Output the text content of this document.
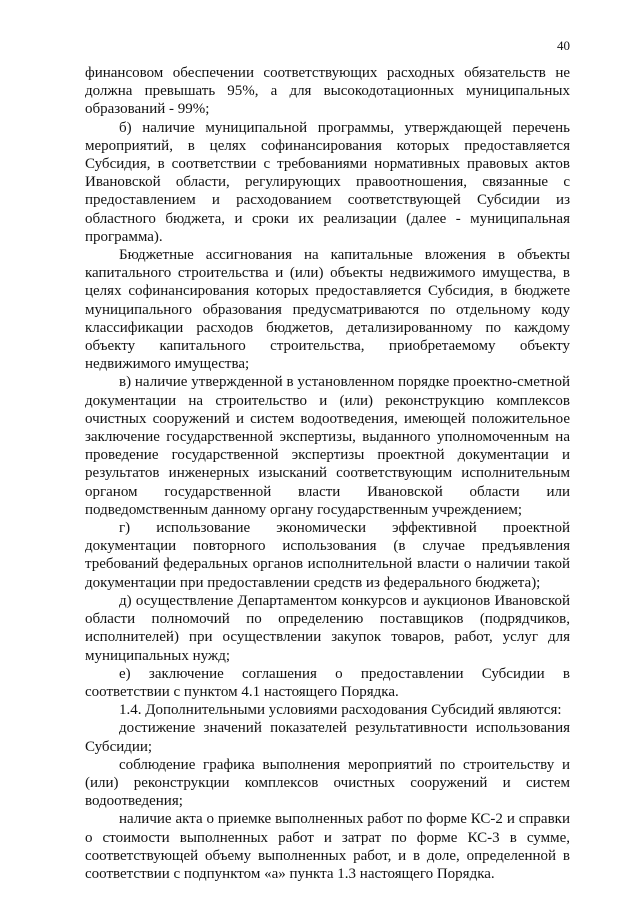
40

финансовом обеспечении соответствующих расходных обязательств не должна превышать 95%, а для высокодотационных муниципальных образований - 99%;

б) наличие муниципальной программы, утверждающей перечень мероприятий, в целях софинансирования которых предоставляется Субсидия, в соответствии с требованиями нормативных правовых актов Ивановской области, регулирующих правоотношения, связанные с предоставлением и расходованием соответствующей Субсидии из областного бюджета, и сроки их реализации (далее - муниципальная программа).

Бюджетные ассигнования на капитальные вложения в объекты капитального строительства и (или) объекты недвижимого имущества, в целях софинансирования которых предоставляется Субсидия, в бюджете муниципального образования предусматриваются по отдельному коду классификации расходов бюджетов, детализированному по каждому объекту капитального строительства, приобретаемому объекту недвижимого имущества;

в) наличие утвержденной в установленном порядке проектно-сметной документации на строительство и (или) реконструкцию комплексов очистных сооружений и систем водоотведения, имеющей положительное заключение государственной экспертизы, выданного уполномоченным на проведение государственной экспертизы проектной документации и результатов инженерных изысканий соответствующим исполнительным органом государственной власти Ивановской области или подведомственным данному органу государственным учреждением;

г) использование экономически эффективной проектной документации повторного использования (в случае предъявления требований федеральных органов исполнительной власти о наличии такой документации при предоставлении средств из федерального бюджета);

д) осуществление Департаментом конкурсов и аукционов Ивановской области полномочий по определению поставщиков (подрядчиков, исполнителей) при осуществлении закупок товаров, работ, услуг для муниципальных нужд;

е) заключение соглашения о предоставлении Субсидии в соответствии с пунктом 4.1 настоящего Порядка.

1.4. Дополнительными условиями расходования Субсидий являются:

достижение значений показателей результативности использования Субсидии;

соблюдение графика выполнения мероприятий по строительству и (или) реконструкции комплексов очистных сооружений и систем водоотведения;

наличие акта о приемке выполненных работ по форме КС-2 и справки о стоимости выполненных работ и затрат по форме КС-3 в сумме, соответствующей объему выполненных работ, и в доле, определенной в соответствии с подпунктом «а» пункта 1.3 настоящего Порядка.
